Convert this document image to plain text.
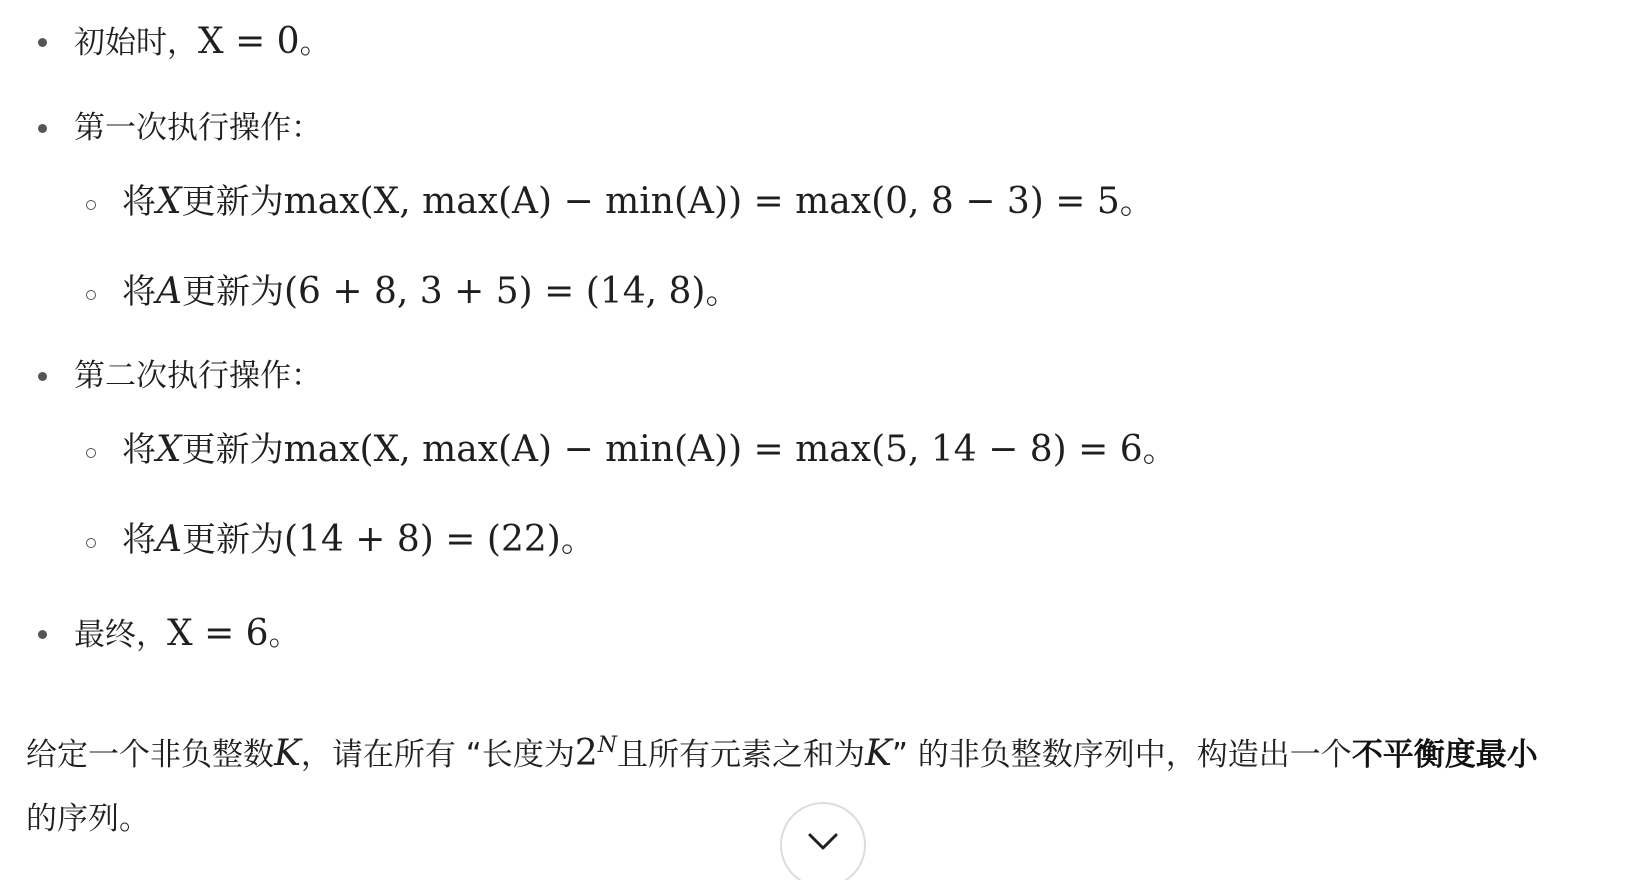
初始时，X = 0。
第一次执行操作：
将X更新为max(X, max(A) − min(A)) = max(0, 8 − 3) = 5。
将A更新为(6 + 8, 3 + 5) = (14, 8)。
第二次执行操作：
将X更新为max(X, max(A) − min(A)) = max(5, 14 − 8) = 6。
将A更新为(14 + 8) = (22)。
最终，X = 6。
给定一个非负整数K，请在所有 “长度为$2^N$且所有元素之和为K” 的非负整数序列中，构造出一个不平衡度最小
的序列。
